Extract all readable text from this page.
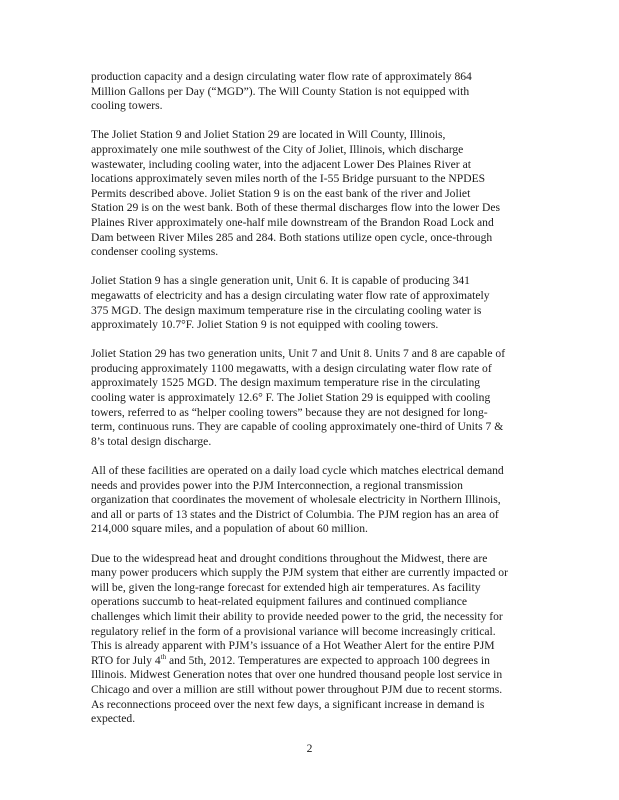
production capacity and a design circulating water flow rate of approximately 864
Million Gallons per Day (“MGD”). The Will County Station is not equipped with
cooling towers.
The Joliet Station 9 and Joliet Station 29 are located in Will County, Illinois,
approximately one mile southwest of the City of Joliet, Illinois, which discharge
wastewater, including cooling water, into the adjacent Lower Des Plaines River at
locations approximately seven miles north of the I-55 Bridge pursuant to the NPDES
Permits described above. Joliet Station 9 is on the east bank of the river and Joliet
Station 29 is on the west bank. Both of these thermal discharges flow into the lower Des
Plaines River approximately one-half mile downstream of the Brandon Road Lock and
Dam between River Miles 285 and 284. Both stations utilize open cycle, once-through
condenser cooling systems.
Joliet Station 9 has a single generation unit, Unit 6. It is capable of producing 341
megawatts of electricity and has a design circulating water flow rate of approximately
375 MGD. The design maximum temperature rise in the circulating cooling water is
approximately 10.7°F. Joliet Station 9 is not equipped with cooling towers.
Joliet Station 29 has two generation units, Unit 7 and Unit 8. Units 7 and 8 are capable of
producing approximately 1100 megawatts, with a design circulating water flow rate of
approximately 1525 MGD. The design maximum temperature rise in the circulating
cooling water is approximately 12.6° F. The Joliet Station 29 is equipped with cooling
towers, referred to as “helper cooling towers” because they are not designed for long-
term, continuous runs. They are capable of cooling approximately one-third of Units 7 &
8’s total design discharge.
All of these facilities are operated on a daily load cycle which matches electrical demand
needs and provides power into the PJM Interconnection, a regional transmission
organization that coordinates the movement of wholesale electricity in Northern Illinois,
and all or parts of 13 states and the District of Columbia. The PJM region has an area of
214,000 square miles, and a population of about 60 million.
Due to the widespread heat and drought conditions throughout the Midwest, there are
many power producers which supply the PJM system that either are currently impacted or
will be, given the long-range forecast for extended high air temperatures. As facility
operations succumb to heat-related equipment failures and continued compliance
challenges which limit their ability to provide needed power to the grid, the necessity for
regulatory relief in the form of a provisional variance will become increasingly critical.
This is already apparent with PJM’s issuance of a Hot Weather Alert for the entire PJM
RTO for July 4th and 5th, 2012. Temperatures are expected to approach 100 degrees in
Illinois. Midwest Generation notes that over one hundred thousand people lost service in
Chicago and over a million are still without power throughout PJM due to recent storms.
As reconnections proceed over the next few days, a significant increase in demand is
expected.
2
